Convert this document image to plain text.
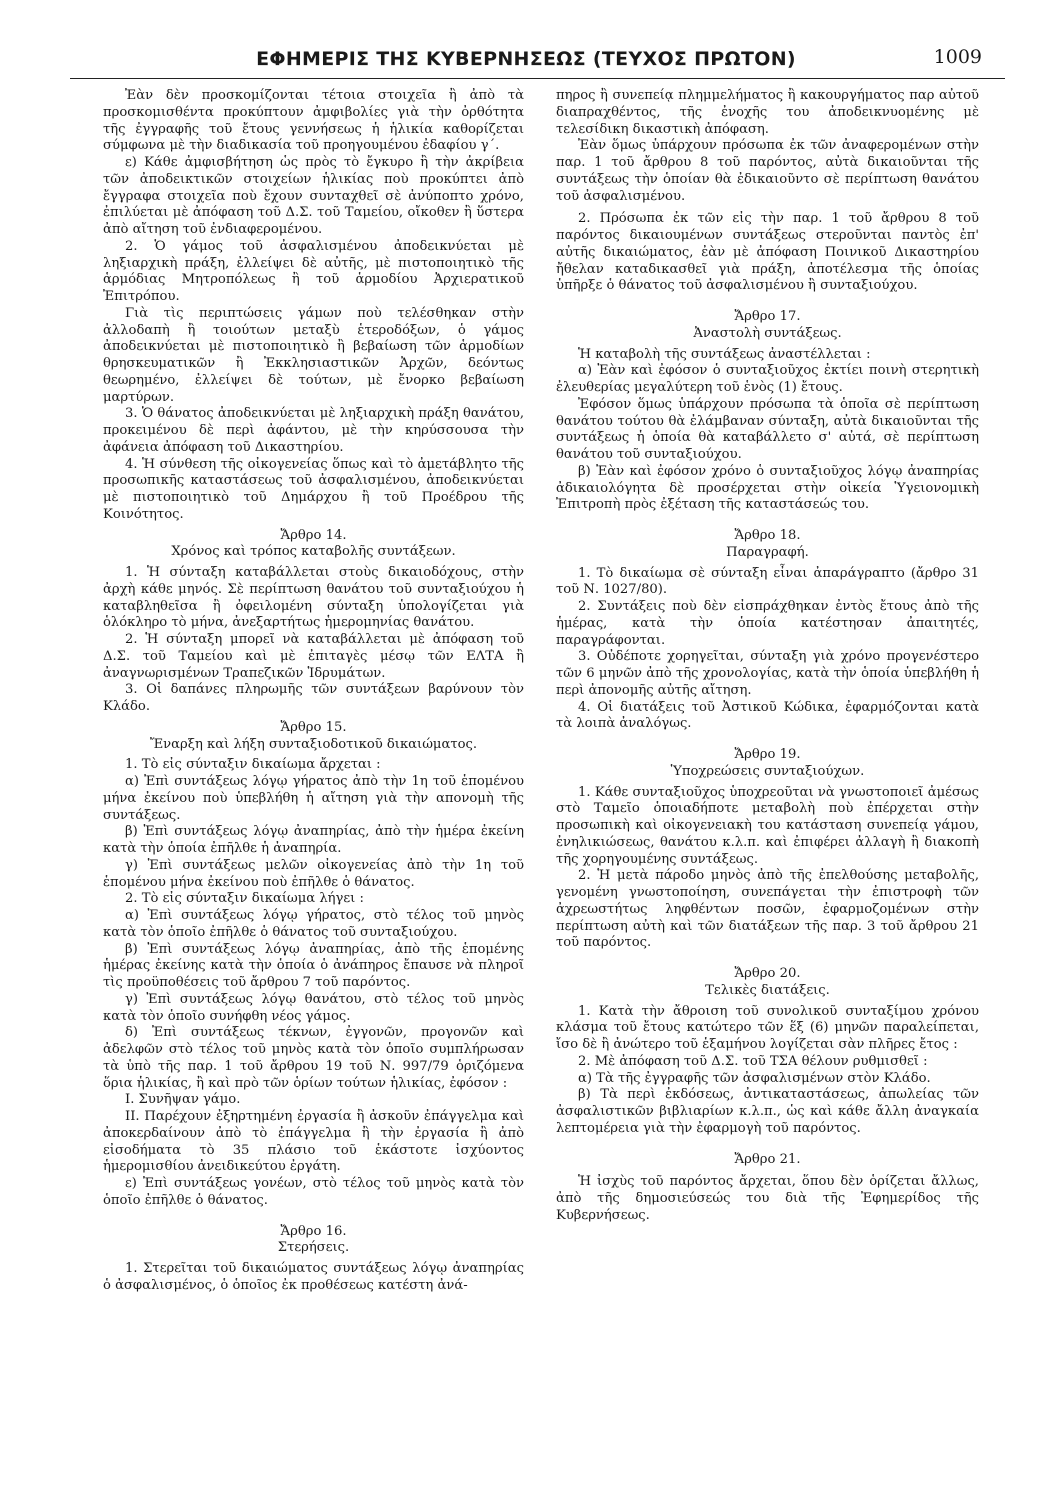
ΕΦΗΜΕΡΙΣ ΤΗΣ ΚΥΒΕΡΝΗΣΕΩΣ (ΤΕΥΧΟΣ ΠΡΩΤΟΝ)	1009

Ἐὰν δὲν προσκομίζονται τέτοια στοιχεῖα ἢ ἀπὸ τὰ προσκομισθέντα προκύπτουν ἀμφιβολίες γιὰ τὴν ὀρθότητα τῆς ἐγγραφῆς τοῦ ἔτους γεννήσεως ἡ ἡλικία καθορίζεται σύμφωνα μὲ τὴν διαδικασία τοῦ προηγουμένου ἐδαφίου γ΄.

ε) Κάθε ἀμφισβήτηση ὡς πρὸς τὸ ἔγκυρο ἢ τὴν ἀκρίβεια τῶν ἀποδεικτικῶν στοιχείων ἡλικίας ποὺ προκύπτει ἀπὸ ἔγγραφα στοιχεῖα ποὺ ἔχουν συνταχθεῖ σὲ ἀνύποπτο χρόνο, ἐπιλύεται μὲ ἀπόφαση τοῦ Δ.Σ. τοῦ Ταμείου, οἴκοθεν ἢ ὕστερα ἀπὸ αἴτηση τοῦ ἐνδιαφερομένου.

2. Ὁ γάμος τοῦ ἀσφαλισμένου ἀποδεικνύεται μὲ ληξιαρχικὴ πράξη, ἐλλείψει δὲ αὐτῆς, μὲ πιστοποιητικὸ τῆς ἁρμόδιας Μητροπόλεως ἢ τοῦ ἁρμοδίου Ἀρχιερατικοῦ Ἐπιτρόπου.

Γιὰ τὶς περιπτώσεις γάμων ποὺ τελέσθηκαν στὴν ἀλλοδαπὴ ἢ τοιούτων μεταξὺ ἑτεροδόξων, ὁ γάμος ἀποδεικνύεται μὲ πιστοποιητικὸ ἢ βεβαίωση τῶν ἁρμοδίων θρησκευματικῶν ἢ Ἐκκλησιαστικῶν Ἀρχῶν, δεόντως θεωρημένο, ἐλλείψει δὲ τούτων, μὲ ἔνορκο βεβαίωση μαρτύρων.

3. Ὁ θάνατος ἀποδεικνύεται μὲ ληξιαρχικὴ πράξη θανάτου, προκειμένου δὲ περὶ ἀφάντου, μὲ τὴν κηρύσσουσα τὴν ἀφάνεια ἀπόφαση τοῦ Δικαστηρίου.

4. Ἡ σύνθεση τῆς οἰκογενείας ὅπως καὶ τὸ ἀμετάβλητο τῆς προσωπικῆς καταστάσεως τοῦ ἀσφαλισμένου, ἀποδεικνύεται μὲ πιστοποιητικὸ τοῦ Δημάρχου ἢ τοῦ Προέδρου τῆς Κοινότητος.

Ἄρθρο 14.
Χρόνος καὶ τρόπος καταβολῆς συντάξεων.

1. Ἡ σύνταξη καταβάλλεται στοὺς δικαιοδόχους, στὴν ἀρχὴ κάθε μηνός. Σὲ περίπτωση θανάτου τοῦ συνταξιούχου ἡ καταβληθεῖσα ἢ ὀφειλομένη σύνταξη ὑπολογίζεται γιὰ ὁλόκληρο τὸ μήνα, ἀνεξαρτήτως ἡμερομηνίας θανάτου.

2. Ἡ σύνταξη μπορεῖ νὰ καταβάλλεται μὲ ἀπόφαση τοῦ Δ.Σ. τοῦ Ταμείου καὶ μὲ ἐπιταγὲς μέσῳ τῶν ΕΛΤΑ ἢ ἀναγνωρισμένων Τραπεζικῶν Ἱδρυμάτων.

3. Οἱ δαπάνες πληρωμῆς τῶν συντάξεων βαρύνουν τὸν Κλάδο.

Ἄρθρο 15.
Ἔναρξη καὶ λήξη συνταξιοδοτικοῦ δικαιώματος.

1. Τὸ εἰς σύνταξιν δικαίωμα ἄρχεται :

α) Ἐπὶ συντάξεως λόγῳ γήρατος ἀπὸ τὴν 1η τοῦ ἑπομένου μήνα ἐκείνου ποὺ ὑπεβλήθη ἡ αἴτηση γιὰ τὴν απονομὴ τῆς συντάξεως.

β) Ἐπὶ συντάξεως λόγῳ ἀναπηρίας, ἀπὸ τὴν ἡμέρα ἐκείνη κατὰ τὴν ὁποία ἐπῆλθε ἡ ἀναπηρία.

γ) Ἐπὶ συντάξεως μελῶν οἰκογενείας ἀπὸ τὴν 1η τοῦ ἑπομένου μήνα ἐκείνου ποὺ ἐπῆλθε ὁ θάνατος.

2. Τὸ εἰς σύνταξιν δικαίωμα λήγει :

α) Ἐπὶ συντάξεως λόγῳ γήρατος, στὸ τέλος τοῦ μηνὸς κατὰ τὸν ὁποῖο ἐπῆλθε ὁ θάνατος τοῦ συνταξιούχου.

β) Ἐπὶ συντάξεως λόγῳ ἀναπηρίας, ἀπὸ τῆς ἑπομένης ἡμέρας ἐκείνης κατὰ τὴν ὁποία ὁ ἀνάπηρος ἔπαυσε νὰ πληροῖ τὶς προϋποθέσεις τοῦ ἄρθρου 7 τοῦ παρόντος.

γ) Ἐπὶ συντάξεως λόγῳ θανάτου, στὸ τέλος τοῦ μηνὸς κατὰ τὸν ὁποῖο συνήφθη νέος γάμος.

δ) Ἐπὶ συντάξεως τέκνων, ἐγγονῶν, προγονῶν καὶ ἀδελφῶν στὸ τέλος τοῦ μηνὸς κατὰ τὸν ὁποῖο συμπλήρωσαν τὰ ὑπὸ τῆς παρ. 1 τοῦ ἄρθρου 19 τοῦ Ν. 997/79 ὁριζόμενα ὅρια ἡλικίας, ἢ καὶ πρὸ τῶν ὁρίων τούτων ἡλικίας, ἐφόσον :

Ι. Συνῆψαν γάμο.

ΙΙ. Παρέχουν ἐξηρτημένη ἐργασία ἢ ἀσκοῦν ἐπάγγελμα καὶ ἀποκερδαίνουν ἀπὸ τὸ ἐπάγγελμα ἢ τὴν ἐργασία ἢ ἀπὸ εἰσοδήματα τὸ 35 πλάσιο τοῦ ἑκάστοτε ἰσχύοντος ἡμερομισθίου ἀνειδικεύτου ἐργάτη.

ε) Ἐπὶ συντάξεως γονέων, στὸ τέλος τοῦ μηνὸς κατὰ τὸν ὁποῖο ἐπῆλθε ὁ θάνατος.

Ἄρθρο 16.
Στερήσεις.

1. Στερεῖται τοῦ δικαιώματος συντάξεως λόγῳ ἀναπηρίας ὁ ἀσφαλισμένος, ὁ ὁποῖος ἐκ προθέσεως κατέστη ἀνά-

πηρος ἢ συνεπείᾳ πλημμελήματος ἢ κακουργήματος παρ αὐτοῦ διαπραχθέντος, τῆς ἐνοχῆς του ἀποδεικνυομένης μὲ τελεσίδικη δικαστικὴ ἀπόφαση.

Ἐὰν ὅμως ὑπάρχουν πρόσωπα ἐκ τῶν ἀναφερομένων στὴν παρ. 1 τοῦ ἄρθρου 8 τοῦ παρόντος, αὐτὰ δικαιοῦνται τῆς συντάξεως τὴν ὁποίαν θὰ ἐδικαιοῦντο σὲ περίπτωση θανάτου τοῦ ἀσφαλισμένου.

2. Πρόσωπα ἐκ τῶν εἰς τὴν παρ. 1 τοῦ ἄρθρου 8 τοῦ παρόντος δικαιουμένων συντάξεως στεροῦνται παντὸς ἐπ' αὐτῆς δικαιώματος, ἐὰν μὲ ἀπόφαση Ποινικοῦ Δικαστηρίου ἤθελαν καταδικασθεῖ γιὰ πράξη, ἀποτέλεσμα τῆς ὁποίας ὑπῆρξε ὁ θάνατος τοῦ ἀσφαλισμένου ἢ συνταξιούχου.

Ἄρθρο 17.
Ἀναστολὴ συντάξεως.

Ἡ καταβολὴ τῆς συντάξεως ἀναστέλλεται :

α) Ἐὰν καὶ ἐφόσον ὁ συνταξιοῦχος ἐκτίει ποινὴ στερητικὴ ἐλευθερίας μεγαλύτερη τοῦ ἑνὸς (1) ἔτους.

Ἐφόσον ὅμως ὑπάρχουν πρόσωπα τὰ ὁποῖα σὲ περίπτωση θανάτου τούτου θὰ ἐλάμβαναν σύνταξη, αὐτὰ δικαιοῦνται τῆς συντάξεως ἡ ὁποία θὰ καταβάλλετο σ' αὐτά, σὲ περίπτωση θανάτου τοῦ συνταξιούχου.

β) Ἐὰν καὶ ἐφόσον χρόνο ὁ συνταξιοῦχος λόγῳ ἀναπηρίας ἀδικαιολόγητα δὲ προσέρχεται στὴν οἰκεία Ὑγειονομικὴ Ἐπιτροπὴ πρὸς ἐξέταση τῆς καταστάσεώς του.

Ἄρθρο 18.
Παραγραφή.

1. Τὸ δικαίωμα σὲ σύνταξη εἶναι ἀπαράγραπτο (ἄρθρο 31 τοῦ Ν. 1027/80).

2. Συντάξεις ποὺ δὲν εἰσπράχθηκαν ἐντὸς ἔτους ἀπὸ τῆς ἡμέρας, κατὰ τὴν ὁποία κατέστησαν ἀπαιτητές, παραγράφονται.

3. Οὐδέποτε χορηγεῖται, σύνταξη γιὰ χρόνο προγενέστερο τῶν 6 μηνῶν ἀπὸ τῆς χρονολογίας, κατὰ τὴν ὁποία ὑπεβλήθη ἡ περὶ ἀπονομῆς αὐτῆς αἴτηση.

4. Οἱ διατάξεις τοῦ Ἀστικοῦ Κώδικα, ἐφαρμόζονται κατὰ τὰ λοιπὰ ἀναλόγως.

Ἄρθρο 19.
Ὑποχρεώσεις συνταξιούχων.

1. Κάθε συνταξιοῦχος ὑποχρεοῦται νὰ γνωστοποιεῖ ἀμέσως στὸ Ταμεῖο ὁποιαδήποτε μεταβολὴ ποὺ ἐπέρχεται στὴν προσωπικὴ καὶ οἰκογενειακὴ του κατάσταση συνεπείᾳ γάμου, ἐνηλικιώσεως, θανάτου κ.λ.π. καὶ ἐπιφέρει ἀλλαγὴ ἢ διακοπὴ τῆς χορηγουμένης συντάξεως.

2. Ἡ μετὰ πάροδο μηνὸς ἀπὸ τῆς ἐπελθούσης μεταβολῆς, γενομένη γνωστοποίηση, συνεπάγεται τὴν ἐπιστροφὴ τῶν ἀχρεωστήτως ληφθέντων ποσῶν, ἐφαρμοζομένων στὴν περίπτωση αὐτὴ καὶ τῶν διατάξεων τῆς παρ. 3 τοῦ ἄρθρου 21 τοῦ παρόντος.

Ἄρθρο 20.
Τελικὲς διατάξεις.

1. Κατὰ τὴν ἄθροιση τοῦ συνολικοῦ συνταξίμου χρόνου κλάσμα τοῦ ἔτους κατώτερο τῶν ἕξ (6) μηνῶν παραλείπεται, ἴσο δὲ ἢ ἀνώτερο τοῦ ἑξαμήνου λογίζεται σὰν πλῆρες ἔτος :

2. Μὲ ἀπόφαση τοῦ Δ.Σ. τοῦ ΤΣΑ θέλουν ρυθμισθεῖ :

α) Τὰ τῆς ἐγγραφῆς τῶν ἀσφαλισμένων στὸν Κλάδο.

β) Τὰ περὶ ἐκδόσεως, ἀντικαταστάσεως, ἀπωλείας τῶν ἀσφαλιστικῶν βιβλιαρίων κ.λ.π., ὡς καὶ κάθε ἄλλη ἀναγκαία λεπτομέρεια γιὰ τὴν ἐφαρμογὴ τοῦ παρόντος.

Ἄρθρο 21.

Ἡ ἰσχὺς τοῦ παρόντος ἄρχεται, ὅπου δὲν ὁρίζεται ἄλλως, ἀπὸ τῆς δημοσιεύσεώς του διὰ τῆς Ἐφημερίδος τῆς Κυβερνήσεως.
